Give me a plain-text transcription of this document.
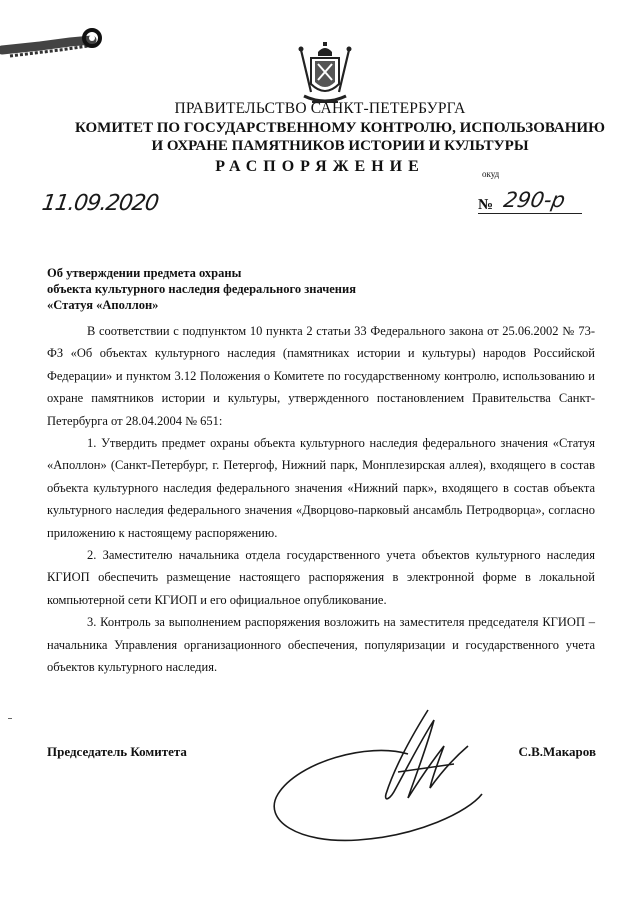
ПРАВИТЕЛЬСТВО САНКТ-ПЕТЕРБУРГА
КОМИТЕТ ПО ГОСУДАРСТВЕННОМУ КОНТРОЛЮ, ИСПОЛЬЗОВАНИЮ
И ОХРАНЕ ПАМЯТНИКОВ ИСТОРИИ И КУЛЬТУРЫ
РАСПОРЯЖЕНИЕ	окуд
11.09.2020	№ 290-р
Об утверждении предмета охраны
объекта культурного наследия федерального значения
«Статуя «Аполлон»

В соответствии с подпунктом 10 пункта 2 статьи 33 Федерального закона от 25.06.2002 № 73-ФЗ «Об объектах культурного наследия (памятниках истории и культуры) народов Российской Федерации» и пунктом 3.12 Положения о Комитете по государственному контролю, использованию и охране памятников истории и культуры, утвержденного постановлением Правительства Санкт-Петербурга от 28.04.2004 № 651:

1. Утвердить предмет охраны объекта культурного наследия федерального значения «Статуя «Аполлон» (Санкт-Петербург, г. Петергоф, Нижний парк, Монплезирская аллея), входящего в состав объекта культурного наследия федерального значения «Нижний парк», входящего в состав объекта культурного наследия федерального значения «Дворцово-парковый ансамбль Петродворца», согласно приложению к настоящему распоряжению.

2. Заместителю начальника отдела государственного учета объектов культурного наследия КГИОП обеспечить размещение настоящего распоряжения в электронной форме в локальной компьютерной сети КГИОП и его официальное опубликование.

3. Контроль за выполнением распоряжения возложить на заместителя председателя КГИОП – начальника Управления организационного обеспечения, популяризации и государственного учета объектов культурного наследия.

Председатель Комитета	С.В.Макаров
